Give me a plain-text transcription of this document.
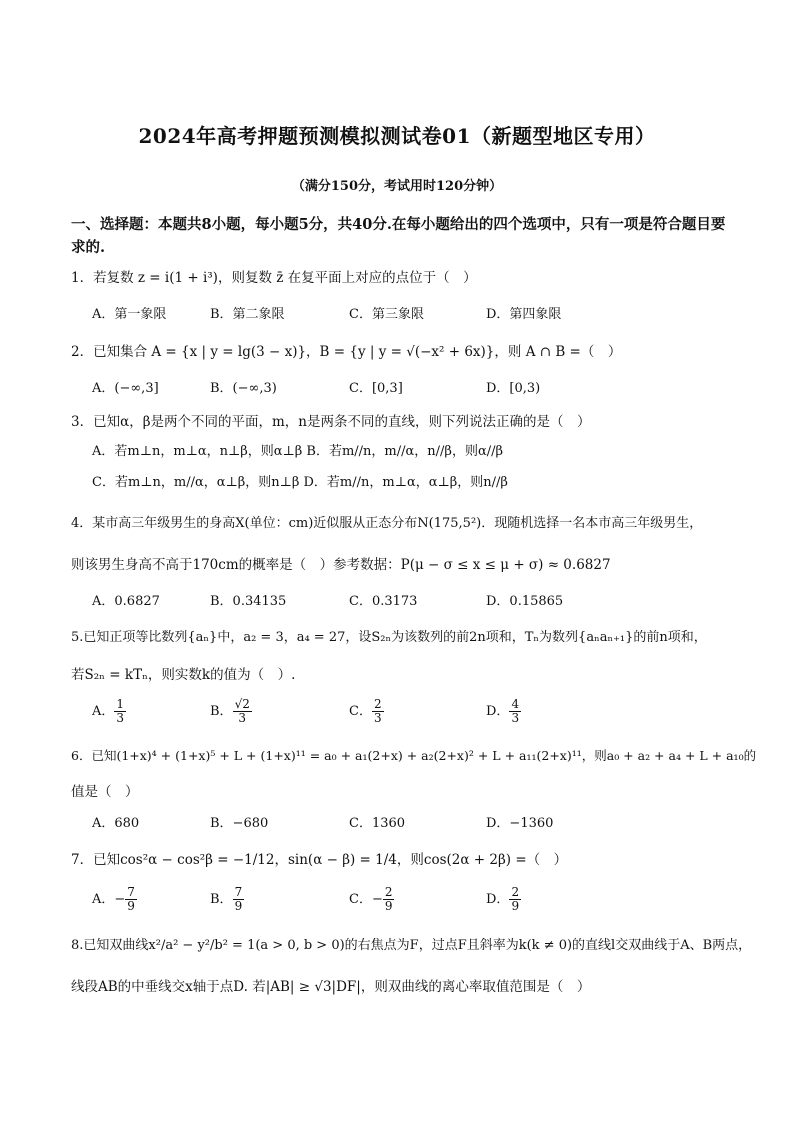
2024年高考押题预测模拟测试卷01（新题型地区专用）
（满分150分，考试用时120分钟）
一、选择题：本题共8小题，每小题5分，共40分.在每小题给出的四个选项中，只有一项是符合题目要求的.
1．若复数 z = i(1 + i³)，则复数 z̄ 在复平面上对应的点位于（　）
A．第一象限	B．第二象限	C．第三象限	D．第四象限
2．已知集合 A = {x | y = lg(3 − x)}，B = {y | y = √(−x² + 6x)}，则 A ∩ B =（　）
A．(−∞,3]	B．(−∞,3)	C．[0,3]	D．[0,3)
3．已知α，β是两个不同的平面，m，n是两条不同的直线，则下列说法正确的是（　）
A．若m⊥n，m⊥α，n⊥β，则α⊥β B．若m//n，m//α，n//β，则α//β
C．若m⊥n，m//α，α⊥β，则n⊥β D．若m//n，m⊥α，α⊥β，则n//β
4．某市高三年级男生的身高X(单位：cm)近似服从正态分布N(175,5²)．现随机选择一名本市高三年级男生，
则该男生身高不高于170cm的概率是（　）参考数据：P(μ − σ ≤ x ≤ μ + σ) ≈ 0.6827
A．0.6827	B．0.34135	C．0.3173	D．0.15865
5.已知正项等比数列{aₙ}中，a₂ = 3，a₄ = 27，设S₂ₙ为该数列的前2n项和，Tₙ为数列{aₙaₙ₊₁}的前n项和，
若S₂ₙ = kTₙ，则实数k的值为（　）.
A． $\frac{1}{3}$	B． $\frac{√2}{3}$	C． $\frac{2}{3}$	D． $\frac{4}{3}$
6．已知(1+x)⁴ + (1+x)⁵ + L + (1+x)¹¹ = a₀ + a₁(2+x) + a₂(2+x)² + L + a₁₁(2+x)¹¹，则a₀ + a₂ + a₄ + L + a₁₀的
值是（　）
A．680	B．−680	C．1360	D．−1360
7．已知cos²α − cos²β = −1/12，sin(α − β) = 1/4，则cos(2α + 2β) =（　）
A．− $\frac{7}{9}$	B． $\frac{7}{9}$	C．− $\frac{2}{9}$	D． $\frac{2}{9}$
8.已知双曲线x²/a² − y²/b² = 1(a > 0, b > 0)的右焦点为F，过点F且斜率为k(k ≠ 0)的直线l交双曲线于A、B两点，
线段AB的中垂线交x轴于点D. 若|AB| ≥ √3|DF|，则双曲线的离心率取值范围是（　）
